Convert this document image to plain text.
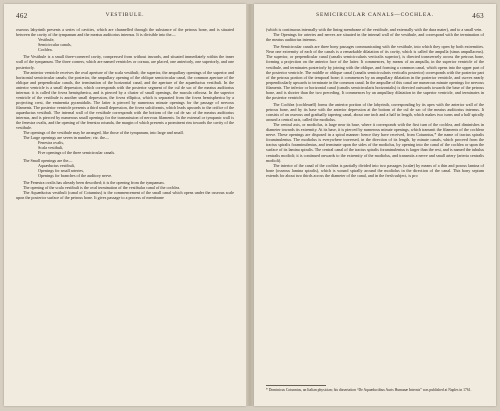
462	VESTIBULE.

osseous labyrinth presents a series of cavities, which are channelled through the substance of the petrous bone, and is situated between the cavity of the tympanum and the meatus auditorius internus. It is divisible into the—

Vestibule,
Semicircular canals,
Cochlea.

The Vestibule is a small three-cornered cavity, compressed from without inwards, and situated immediately within the inner wall of the tympanum. The three corners, which are named ventricles or cornua, are placed, one anteriorly, one superiorly, and one posteriorly.

The anterior ventricle receives the oval aperture of the scala vestibuli; the superior, the ampullary openings of the superior and horizontal semicircular canals; the posterior, the ampullary opening of the oblique semicircular canal, the common aperture of the oblique and perpendicular canals, the termination of the horizontal canal, and the aperture of the aquæductus vestibuli. In the anterior ventricle is a small depression, which corresponds with the posterior segment of the cul de sac of the meatus auditorius internus: it is called the fovea hemispherica, and is pierced by a cluster of small openings, the macula cribrosa. In the superior ventricle of the vestibule is another small depression, the fovea elliptica, which is separated from the fovea hemispherica by a projecting crest, the eminentia pyramidalis. The latter is pierced by numerous minute openings for the passage of nervous filaments. The posterior ventricle presents a third small depression, the fovea sulciformis, which leads upwards to the orifice of the aquæductus vestibuli. The internal wall of the vestibule corresponds with the bottom of the cul de sac of the meatus auditorius internus, and is pierced by numerous small openings for the transmission of nervous filaments. In the external or tympanic wall is the fenestra ovalis, and the opening of the fenestra rotunda, the margin of which presents a prominent rim towards the cavity of the vestibule.

The openings of the vestibule may be arranged, like those of the tympanum, into large and small.

The Large openings are seven in number; viz. the—

Fenestra ovalis,
Scala vestibuli,
Five openings of the three semicircular canals.

The Small openings are the—

Aquæductus vestibuli,
Openings for small arteries,
Openings for branches of the auditory nerve.

The Fenestra ovalis has already been described; it is the opening from the tympanum.

The opening of the scala vestibuli is the oval termination of the vestibular canal of the cochlea.

The Aquæductus vestibuli (canal of Cotunnius) is the commencement of the small canal which opens under the osseous scale upon the posterior surface of the petrous bone. It gives passage to a process of membrane

SEMICIRCULAR CANALS—COCHLEA.	463

(which is continuous internally with the lining membrane of the vestibule, and externally with the dura mater), and to a small vein.

The Openings for arteries and nerves are situated in the internal wall of the vestibule, and correspond with the termination of the meatus auditorius internus.

The Semicircular canals are three bony passages communicating with the vestibule, into which they open by both extremities. Near one extremity of each of the canals is a remarkable dilatation of its cavity, which is called the ampulla (sinus ampullaceus). The superior, or perpendicular canal (canalis semicircularis verticalis superior), is directed transversely across the petrous bone, forming a projection on the anterior face of the latter. It commences, by means of an ampulla, in the superior ventricle of the vestibule, and terminates posteriorly by joining with the oblique, and forming a common canal, which opens into the upper part of the posterior ventricle. The middle or oblique canal (canalis semicircularis verticalis posterior) corresponds with the posterior part of the petrous portion of the temporal bone; it commences by an ampullary dilatation in the posterior ventricle, and curves nearly perpendicularly upwards to terminate in the common canal. In the ampullæ of this canal are numerous minute openings for nervous filaments. The inferior or horizontal canal (canalis semicircularis horizontalis) is directed outwards towards the base of the petrous bone, and is shorter than the two preceding. It commences by an ampullary dilatation in the superior ventricle, and terminates in the posterior ventricle.

The Cochlea (cochleaæll) forms the anterior portion of the labyrinth, corresponding by its apex with the anterior wall of the petrous bone, and by its base with the anterior depression at the bottom of the cul de sac of the meatus auditorius internus. It consists of an osseous and gradually tapering canal, about one inch and a half in length, which makes two turns and a half spirally around a central axis, called the modiolus.

The central axis, or modiolus, is large near its base, where it corresponds with the first turn of the cochlea, and diminishes in diameter towards its extremity. At its base, it is pierced by numerous minute openings, which transmit the filaments of the cochlear nerve. These openings are disposed in a spiral manner: hence they have received, from Cotunnius,* the name of tractus spiralis foraminulentus. The modiolus is everywhere traversed, in the direction of its length, by minute canals, which proceed from the tractus spiralis foraminulentus, and terminate upon the sides of the modiolus, by opening into the canal of the cochlea or upon the surface of its lamina spiralis. The central canal of the tractus spiralis foraminulentus is larger than the rest, and is named the tubulus centralis modioli; it is continued onwards to the extremity of the modiolus, and transmits a nerve and small artery (arteria centralis modioli).

The interior of the canal of the cochlea is partially divided into two passages (scalæ) by means of a thin and porous lamina of bone (osseous lamina spiralis), which is wound spirally around the modiolus in the direction of the canal. This bony septum extends for about two thirds across the diameter of the canal, and in the fresh subject, is pro

* Dominicus Cotunnius, an Italian physician; his dissertation “De Aquæductibus Auris Humanæ Internis” was published at Naples in 1761.
